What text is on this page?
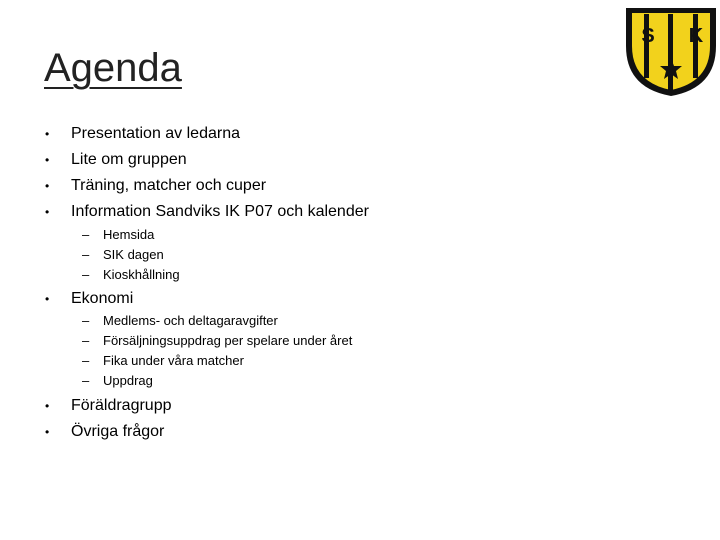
Agenda
S I K
•	Presentation av ledarna
•	Lite om gruppen
•	Träning, matcher och cuper
•	Information Sandviks IK P07 och kalender
–	Hemsida
–	SIK dagen
–	Kioskhållning
•	Ekonomi
–	Medlems- och deltagaravgifter
–	Försäljningsuppdrag per spelare under året
–	Fika under våra matcher
–	Uppdrag
•	Föräldragrupp
•	Övriga frågor
